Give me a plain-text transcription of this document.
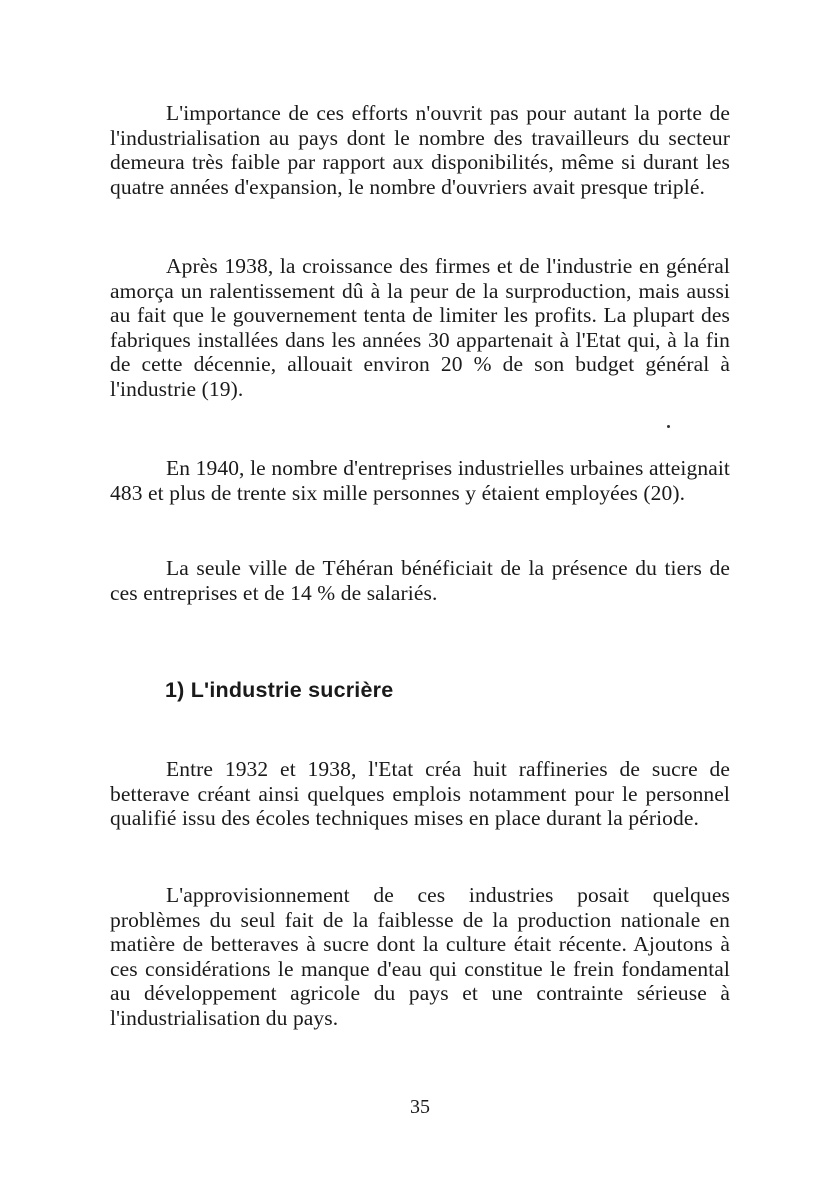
L'importance de ces efforts n'ouvrit pas pour autant la porte de l'industrialisation au pays dont le nombre des travailleurs du secteur demeura très faible par rapport aux disponibilités, même si durant les quatre années d'expansion, le nombre d'ouvriers avait presque triplé.

Après 1938, la croissance des firmes et de l'industrie en général amorça un ralentissement dû à la peur de la surproduction, mais aussi au fait que le gouvernement tenta de limiter les profits. La plupart des fabriques installées dans les années 30 appartenait à l'Etat qui, à la fin de cette décennie, allouait environ 20 % de son budget général à l'industrie (19).

En 1940, le nombre d'entreprises industrielles urbaines atteignait 483 et plus de trente six mille personnes y étaient employées (20).

La seule ville de Téhéran bénéficiait de la présence du tiers de ces entreprises et de 14 % de salariés.

1) L'industrie sucrière

Entre 1932 et 1938, l'Etat créa huit raffineries de sucre de betterave créant ainsi quelques emplois notamment pour le personnel qualifié issu des écoles techniques mises en place durant la période.

L'approvisionnement de ces industries posait quelques problèmes du seul fait de la faiblesse de la production nationale en matière de betteraves à sucre dont la culture était récente. Ajoutons à ces considérations le manque d'eau qui constitue le frein fondamental au développement agricole du pays et une contrainte sérieuse à l'industrialisation du pays.

35
